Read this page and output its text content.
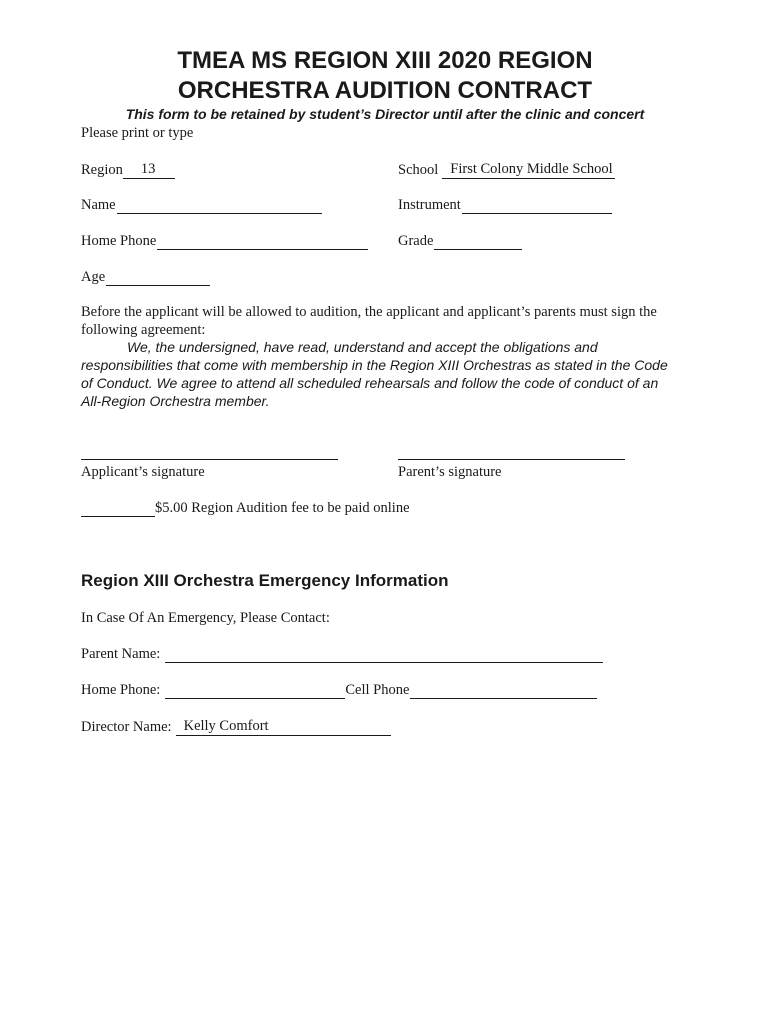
TMEA MS REGION XIII 2020 REGION
ORCHESTRA AUDITION CONTRACT
This form to be retained by student’s Director until after the clinic and concert
Please print or type
Region	13	School First Colony Middle School
Name	Instrument
Home Phone	Grade
Age
Before the applicant will be allowed to audition, the applicant and applicant’s parents must sign the following agreement:
We, the undersigned, have read, understand and accept the obligations and responsibilities that come with membership in the Region XIII Orchestras as stated in the Code of Conduct. We agree to attend all scheduled rehearsals and follow the code of conduct of an All-Region Orchestra member.
Applicant’s signature	Parent’s signature
$5.00 Region Audition fee to be paid online
Region XIII Orchestra Emergency Information
In Case Of An Emergency, Please Contact:
Parent Name:
Home Phone:	Cell Phone
Director Name: Kelly Comfort
